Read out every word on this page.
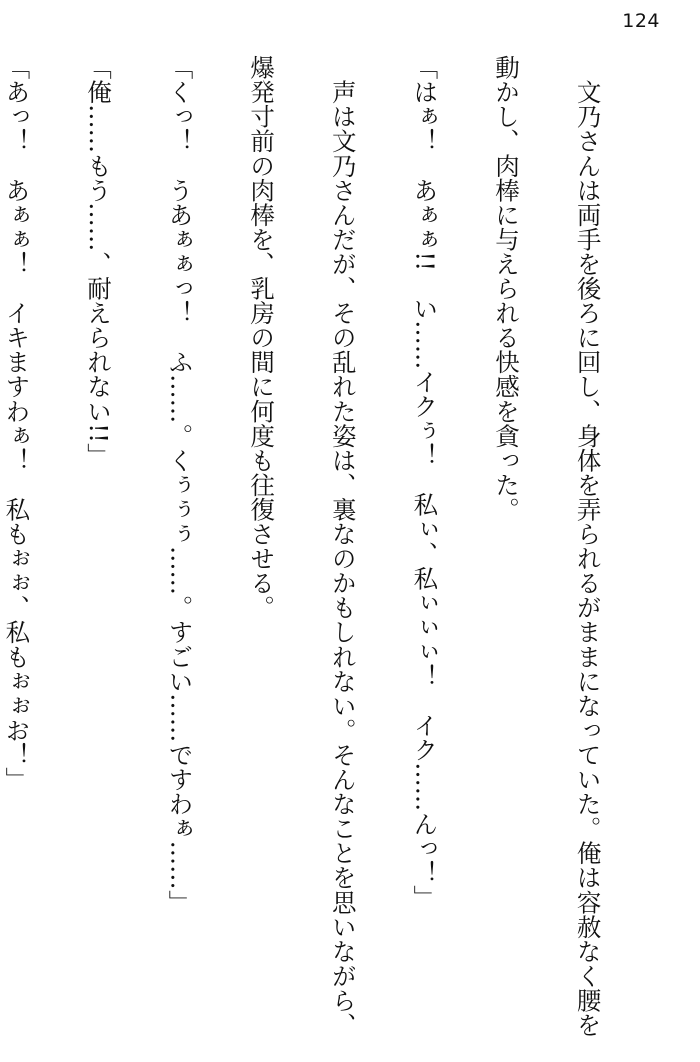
124

　文乃さんは両手を後ろに回し、身体を弄られるがままになっていた。俺は容赦なく腰を

動かし、肉棒に与えられる快感を貪った。

「はぁ！　あぁぁ!!　い……イクぅ！　私ぃ、私ぃぃぃ！　イク……んっ！」

　声は文乃さんだが、その乱れた姿は、裏なのかもしれない。そんなことを思いながら、

爆発寸前の肉棒を、乳房の間に何度も往復させる。

「くっ！　うあぁぁっ！　ふ……。くぅぅぅ……。すごい……ですわぁ……」

「俺……もう……、耐えられない!!」

「あっ！　あぁぁ！　イキますわぁ！　私もぉぉ、私もぉぉお！」
